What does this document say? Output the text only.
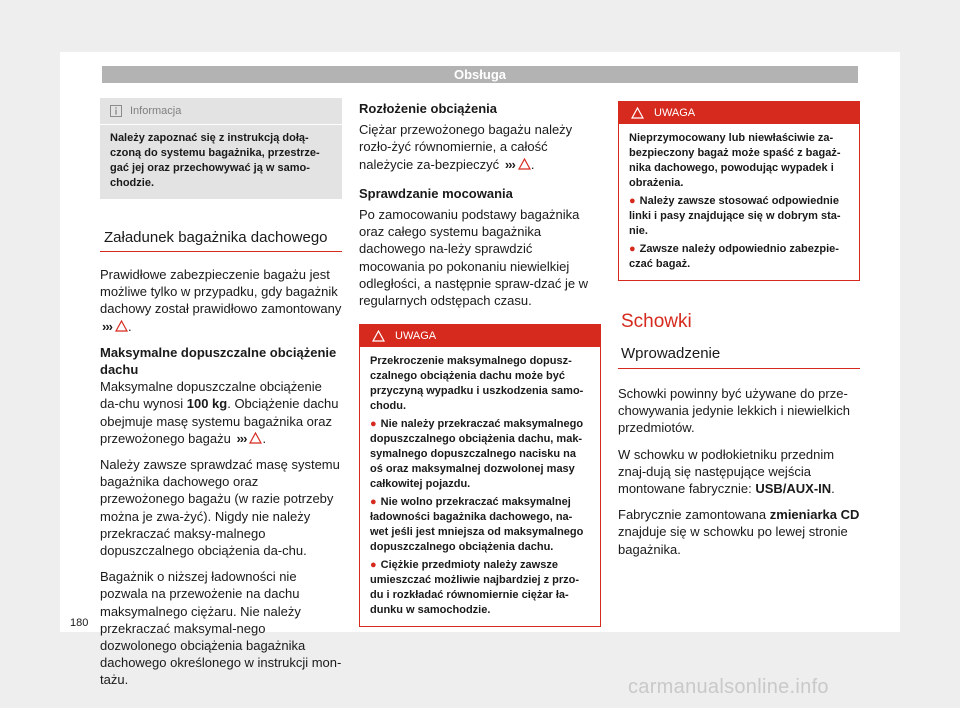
Obsługa
Informacja
Należy zapoznać się z instrukcją dołą-czoną do systemu bagażnika, przestrze-gać jej oraz przechowywać ją w samo-chodzie.
Załadunek bagażnika dachowego

Prawidłowe zabezpieczenie bagażu jest możliwe tylko w przypadku, gdy bagażnik dachowy został prawidłowo zamontowany ››› .

Maksymalne dopuszczalne obciążenie dachu

Maksymalne dopuszczalne obciążenie da-chu wynosi 100 kg. Obciążenie dachu obejmuje masę systemu bagażnika oraz przewożonego bagażu ››› .

Należy zawsze sprawdzać masę systemu bagażnika dachowego oraz przewożonego bagażu (w razie potrzeby można je zwa-żyć). Nigdy nie należy przekraczać maksy-malnego dopuszczalnego obciążenia da-chu.

Bagażnik o niższej ładowności nie pozwala na przewożenie na dachu maksymalnego ciężaru. Nie należy przekraczać maksymal-nego dozwolonego obciążenia bagażnika dachowego określonego w instrukcji mon-tażu.

Rozłożenie obciążenia

Ciężar przewożonego bagażu należy rozło-żyć równomiernie, a całość należycie za-bezpieczyć ››› .

Sprawdzanie mocowania

Po zamocowaniu podstawy bagażnika oraz całego systemu bagażnika dachowego na-leży sprawdzić mocowania po pokonaniu niewielkiej odległości, a następnie spraw-dzać je w regularnych odstępach czasu.

UWAGA
Przekroczenie maksymalnego dopusz-czalnego obciążenia dachu może być przyczyną wypadku i uszkodzenia samo-chodu.
● Nie należy przekraczać maksymalnego dopuszczalnego obciążenia dachu, mak-symalnego dopuszczalnego nacisku na oś oraz maksymalnej dozwolonej masy całkowitej pojazdu.
● Nie wolno przekraczać maksymalnej ładowności bagażnika dachowego, na-wet jeśli jest mniejsza od maksymalnego dopuszczalnego obciążenia dachu.
● Ciężkie przedmioty należy zawsze umieszczać możliwie najbardziej z przo-du i rozkładać równomiernie ciężar ła-dunku w samochodzie.
UWAGA
Nieprzymocowany lub niewłaściwie za-bezpieczony bagaż może spaść z bagaż-nika dachowego, powodując wypadek i obrażenia.
● Należy zawsze stosować odpowiednie linki i pasy znajdujące się w dobrym sta-nie.
● Zawsze należy odpowiednio zabezpie-czać bagaż.
Schowki
Wprowadzenie

Schowki powinny być używane do prze-chowywania jedynie lekkich i niewielkich przedmiotów.

W schowku w podłokietniku przednim znaj-dują się następujące wejścia montowane fabrycznie: USB/AUX-IN.

Fabrycznie zamontowana zmieniarka CD znajduje się w schowku po lewej stronie bagażnika.

180
carmanualsonline.info
